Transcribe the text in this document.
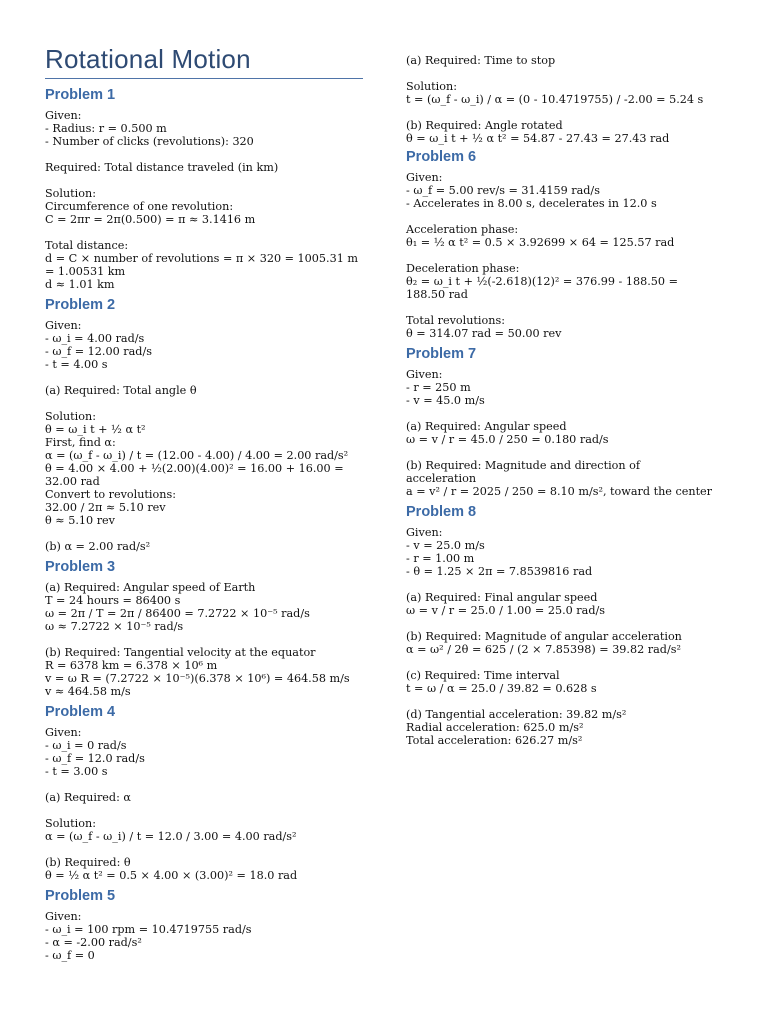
Rotational Motion
Problem 1
Given:
- Radius: r = 0.500 m
- Number of clicks (revolutions): 320
Required: Total distance traveled (in km)
Solution:
Circumference of one revolution:
C = 2πr = 2π(0.500) = π ≈ 3.1416 m
Total distance:
d = C × number of revolutions = π × 320 = 1005.31 m
= 1.00531 km
d ≈ 1.01 km
Problem 2
Given:
- ω_i = 4.00 rad/s
- ω_f = 12.00 rad/s
- t = 4.00 s
(a) Required: Total angle θ
Solution:
θ = ω_i t + ½ α t²
First, find α:
α = (ω_f - ω_i) / t = (12.00 - 4.00) / 4.00 = 2.00 rad/s²
θ = 4.00 × 4.00 + ½(2.00)(4.00)² = 16.00 + 16.00 =
32.00 rad
Convert to revolutions:
32.00 / 2π ≈ 5.10 rev
θ ≈ 5.10 rev
(b) α = 2.00 rad/s²
Problem 3
(a) Required: Angular speed of Earth
T = 24 hours = 86400 s
ω = 2π / T = 2π / 86400 = 7.2722 × 10⁻⁵ rad/s
ω ≈ 7.2722 × 10⁻⁵ rad/s
(b) Required: Tangential velocity at the equator
R = 6378 km = 6.378 × 10⁶ m
v = ω R = (7.2722 × 10⁻⁵)(6.378 × 10⁶) = 464.58 m/s
v ≈ 464.58 m/s
Problem 4
Given:
- ω_i = 0 rad/s
- ω_f = 12.0 rad/s
- t = 3.00 s
(a) Required: α
Solution:
α = (ω_f - ω_i) / t = 12.0 / 3.00 = 4.00 rad/s²
(b) Required: θ
θ = ½ α t² = 0.5 × 4.00 × (3.00)² = 18.0 rad
Problem 5
Given:
- ω_i = 100 rpm = 10.4719755 rad/s
- α = -2.00 rad/s²
- ω_f = 0
(a) Required: Time to stop
Solution:
t = (ω_f - ω_i) / α = (0 - 10.4719755) / -2.00 = 5.24 s
(b) Required: Angle rotated
θ = ω_i t + ½ α t² = 54.87 - 27.43 = 27.43 rad
Problem 6
Given:
- ω_f = 5.00 rev/s = 31.4159 rad/s
- Accelerates in 8.00 s, decelerates in 12.0 s
Acceleration phase:
θ₁ = ½ α t² = 0.5 × 3.92699 × 64 = 125.57 rad
Deceleration phase:
θ₂ = ω_i t + ½(-2.618)(12)² = 376.99 - 188.50 =
188.50 rad
Total revolutions:
θ = 314.07 rad = 50.00 rev
Problem 7
Given:
- r = 250 m
- v = 45.0 m/s
(a) Required: Angular speed
ω = v / r = 45.0 / 250 = 0.180 rad/s
(b) Required: Magnitude and direction of
acceleration
a = v² / r = 2025 / 250 = 8.10 m/s², toward the center
Problem 8
Given:
- v = 25.0 m/s
- r = 1.00 m
- θ = 1.25 × 2π = 7.8539816 rad
(a) Required: Final angular speed
ω = v / r = 25.0 / 1.00 = 25.0 rad/s
(b) Required: Magnitude of angular acceleration
α = ω² / 2θ = 625 / (2 × 7.85398) = 39.82 rad/s²
(c) Required: Time interval
t = ω / α = 25.0 / 39.82 = 0.628 s
(d) Tangential acceleration: 39.82 m/s²
Radial acceleration: 625.0 m/s²
Total acceleration: 626.27 m/s²
